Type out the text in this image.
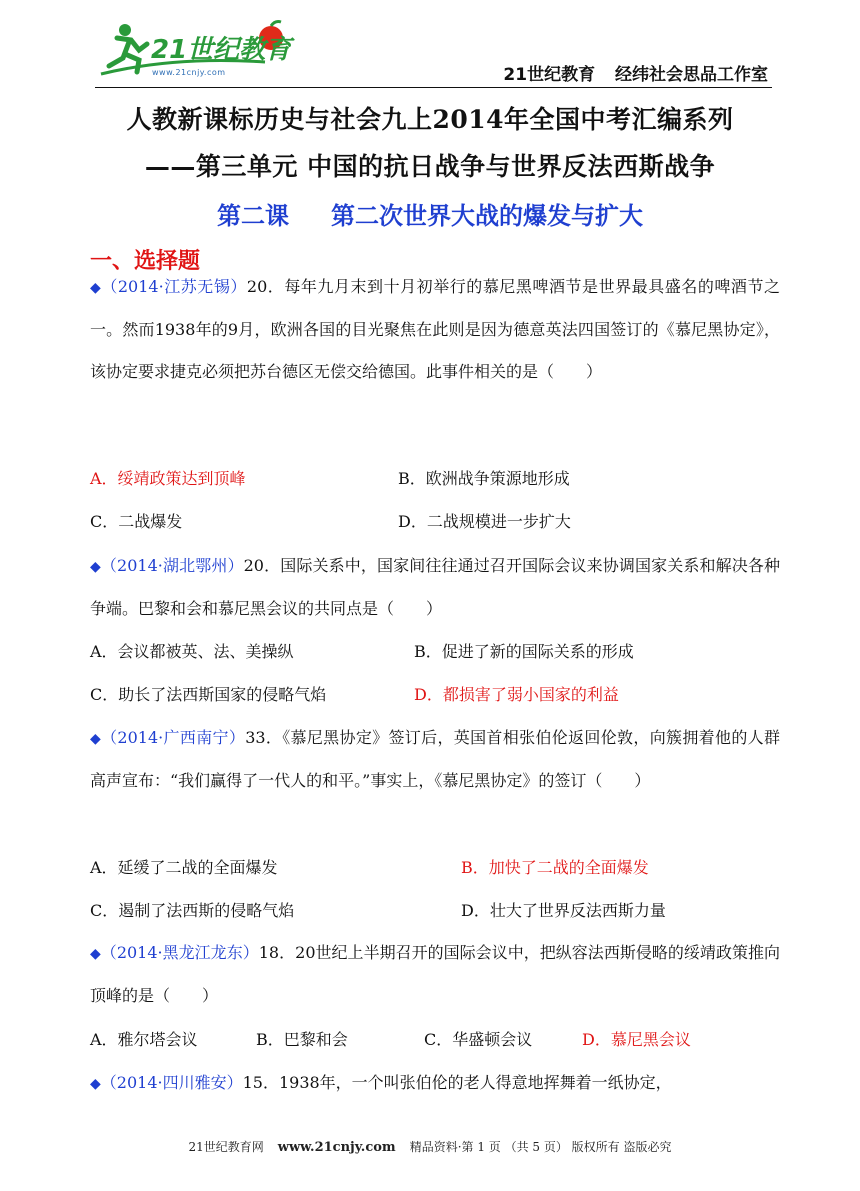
21世纪教育
www.21cnjy.com	21世纪教育 经纬社会思品工作室
人教新课标历史与社会九上2014年全国中考汇编系列
——第三单元 中国的抗日战争与世界反法西斯战争
第二课 第二次世界大战的爆发与扩大
一、选择题
◆（2014·江苏无锡）20．每年九月末到十月初举行的慕尼黑啤酒节是世界最具盛名的啤酒节之一。然而1938年的9月，欧洲各国的目光聚焦在此则是因为德意英法四国签订的《慕尼黑协定》，该协定要求捷克必须把苏台德区无偿交给德国。此事件相关的是（　　）
A．绥靖政策达到顶峰	B．欧洲战争策源地形成
C．二战爆发	D．二战规模进一步扩大
◆（2014·湖北鄂州）20．国际关系中，国家间往往通过召开国际会议来协调国家关系和解决各种争端。巴黎和会和慕尼黑会议的共同点是（　　）
A．会议都被英、法、美操纵	B．促进了新的国际关系的形成
C．助长了法西斯国家的侵略气焰	D．都损害了弱小国家的利益
◆（2014·广西南宁）33．《慕尼黑协定》签订后，英国首相张伯伦返回伦敦，向簇拥着他的人群高声宣布：“我们赢得了一代人的和平。”事实上，《慕尼黑协定》的签订（　　）
A．延缓了二战的全面爆发	B．加快了二战的全面爆发
C．遏制了法西斯的侵略气焰	D．壮大了世界反法西斯力量
◆（2014·黑龙江龙东）18．20世纪上半期召开的国际会议中，把纵容法西斯侵略的绥靖政策推向顶峰的是（　　）
A．雅尔塔会议	B．巴黎和会	C．华盛顿会议	D．慕尼黑会议
◆（2014·四川雅安）15．1938年，一个叫张伯伦的老人得意地挥舞着一纸协定，
21世纪教育网 www.21cnjy.com 精品资料·第 1 页 （共 5 页） 版权所有 盗版必究
